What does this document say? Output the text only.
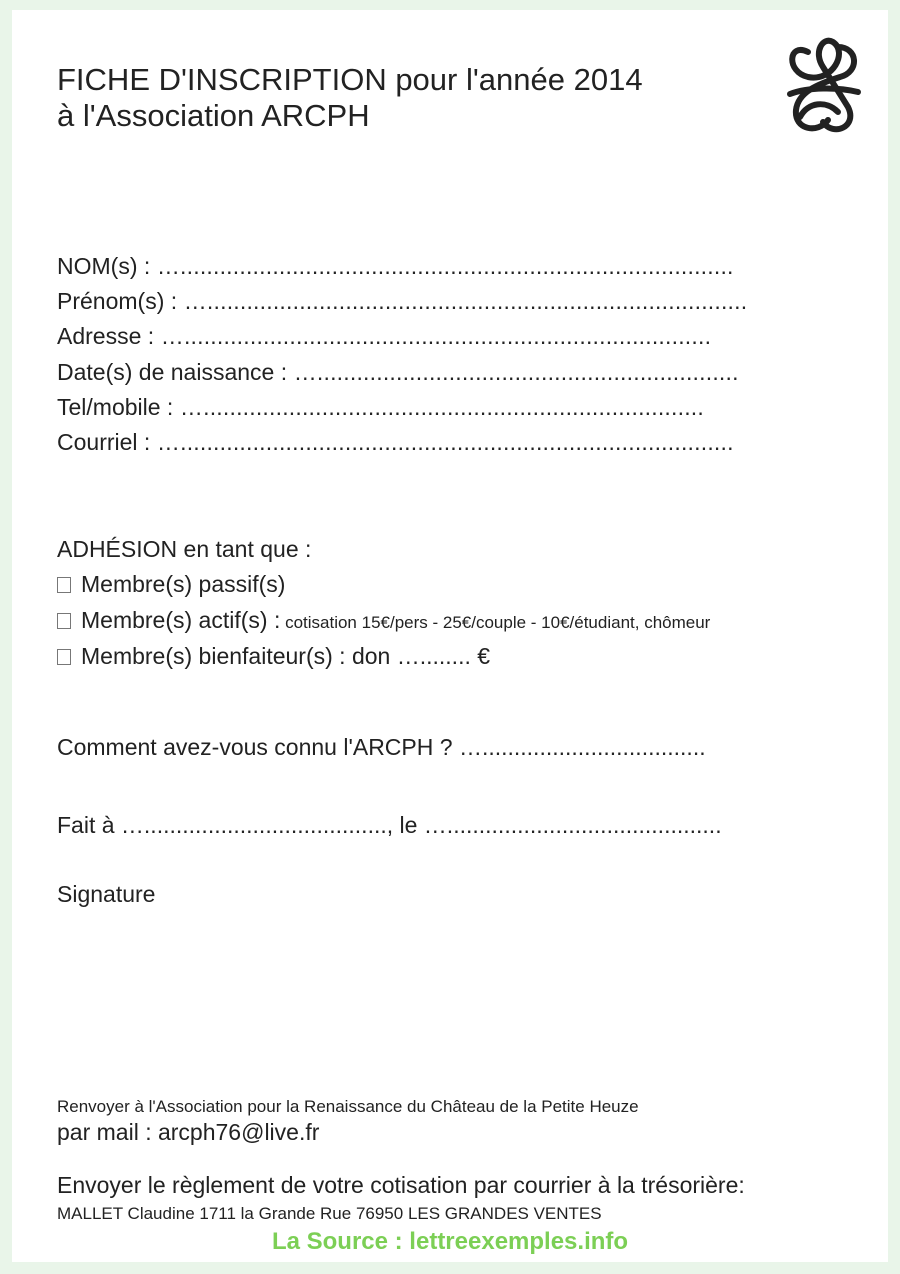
FICHE D'INSCRIPTION pour l'année 2014
à l'Association ARCPH
NOM(s) : …....................................................................................
Prénom(s) : …..................................................................................
Adresse : …................................................................................
Date(s) de naissance : …................................................................
Tel/mobile : …............................................................................
Courriel : …....................................................................................
ADHÉSION en tant que :
Membre(s) passif(s)
Membre(s) actif(s) : cotisation 15€/pers - 25€/couple - 10€/étudiant, chômeur
Membre(s) bienfaiteur(s) : don …........ €
Comment avez-vous connu l'ARCPH ? …...................................
Fait à …......................................, le …...........................................
Signature
Renvoyer à l'Association pour la Renaissance du Château de la Petite Heuze
par mail : arcph76@live.fr
Envoyer le règlement de votre cotisation par courrier à la trésorière:
MALLET Claudine 1711 la Grande Rue 76950 LES GRANDES VENTES
La Source : lettreexemples.info
